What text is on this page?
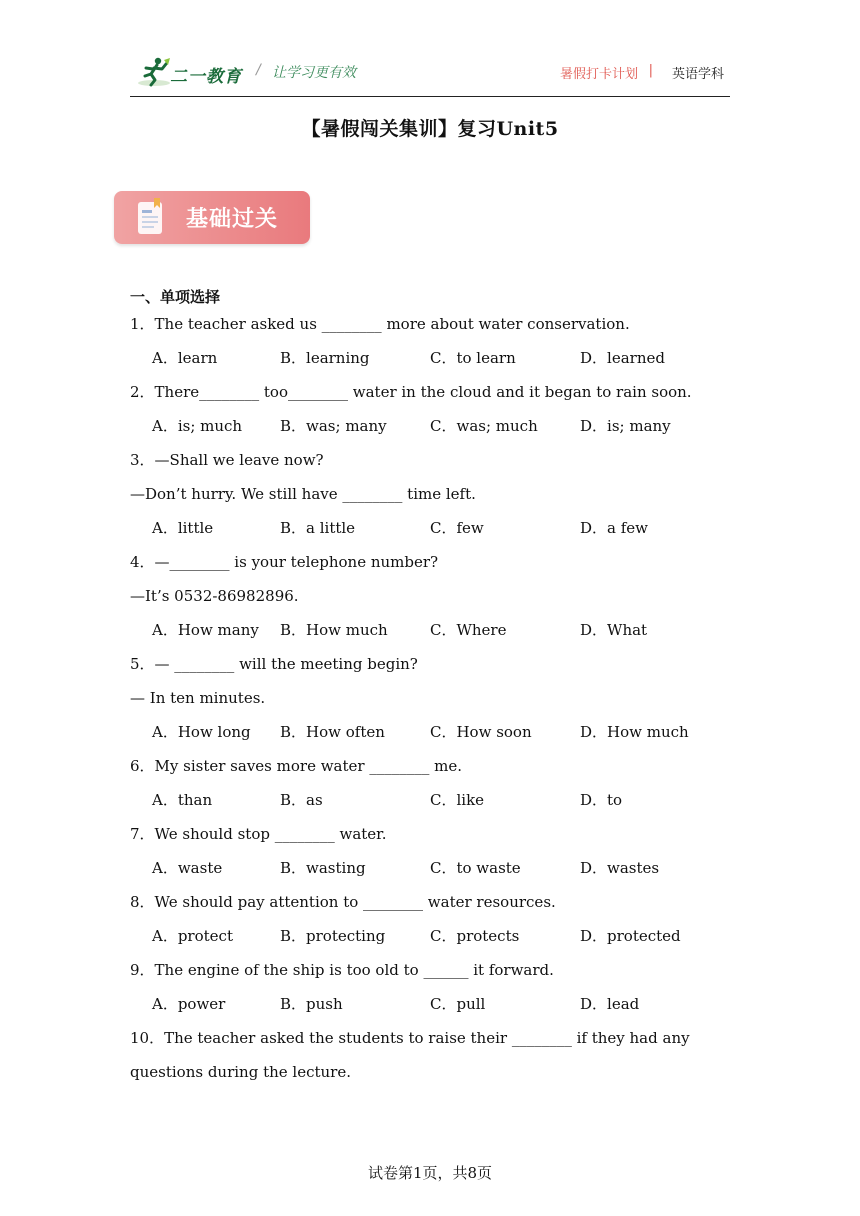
二一教育 / 让学习更有效	暑假打卡计划 | 英语学科
【暑假闯关集训】复习Unit5
基础过关
一、单项选择
1．The teacher asked us ________ more about water conservation.
A．learn	B．learning	C．to learn	D．learned
2．There________ too________ water in the cloud and it began to rain soon.
A．is; much	B．was; many	C．was; much	D．is; many
3．—Shall we leave now?
—Don’t hurry. We still have ________ time left.
A．little	B．a little	C．few	D．a few
4．—________ is your telephone number?
—It’s 0532-86982896.
A．How many B．How much	C．Where	D．What
5．— ________ will the meeting begin?
— In ten minutes.
A．How long B．How often	C．How soon	D．How much
6．My sister saves more water ________ me.
A．than	B．as	C．like	D．to
7．We should stop ________ water.
A．waste	B．wasting	C．to waste	D．wastes
8．We should pay attention to ________ water resources.
A．protect	B．protecting	C．protects	D．protected
9．The engine of the ship is too old to ______ it forward.
A．power	B．push	C．pull	D．lead
10．The teacher asked the students to raise their ________ if they had any questions during the lecture.
试卷第1页，共8页
